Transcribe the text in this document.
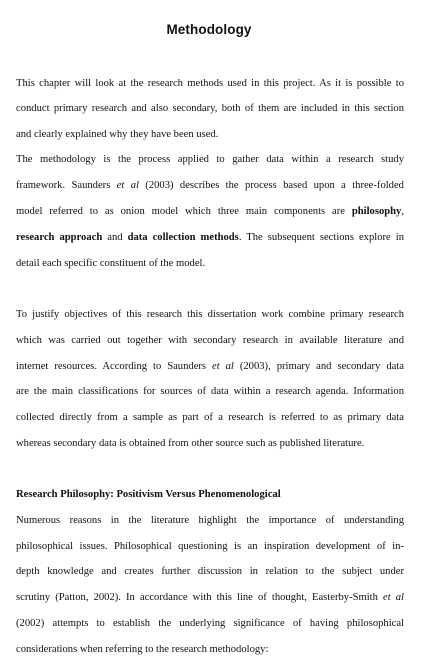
Methodology
This chapter will look at the research methods used in this project. As it is possible to
conduct primary research and also secondary, both of them are included in this section
and clearly explained why they have been used.
The methodology is the process applied to gather data within a research study
framework. Saunders et al (2003) describes the process based upon a three-folded
model referred to as onion model which three main components are philosophy,
research approach and data collection methods. The subsequent sections explore in
detail each specific constituent of the model.
To justify objectives of this research this dissertation work combine primary research
which was carried out together with secondary research in available literature and
internet resources. According to Saunders et al (2003), primary and secondary data
are the main classifications for sources of data within a research agenda. Information
collected directly from a sample as part of a research is referred to as primary data
whereas secondary data is obtained from other source such as published literature.
Research Philosophy: Positivism Versus Phenomenological
Numerous reasons in the literature highlight the importance of understanding
philosophical issues. Philosophical questioning is an inspiration development of in-
depth knowledge and creates further discussion in relation to the subject under
scrutiny (Patton, 2002). In accordance with this line of thought, Easterby-Smith et al
(2002) attempts to establish the underlying significance of having philosophical
considerations when referring to the research methodology:
